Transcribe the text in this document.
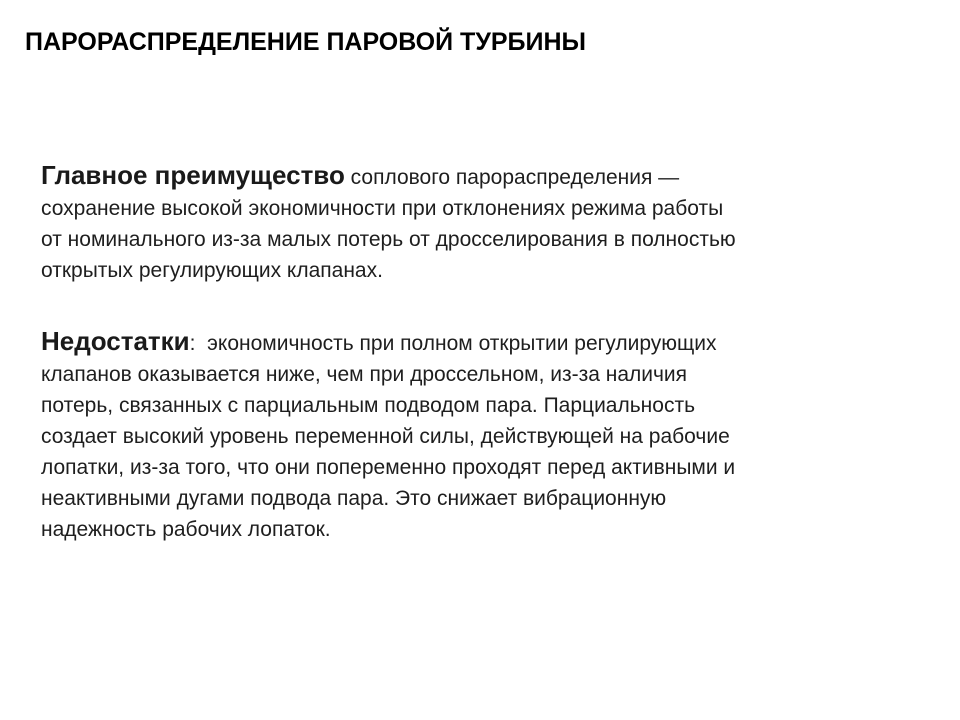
ПАРОРАСПРЕДЕЛЕНИЕ ПАРОВОЙ ТУРБИНЫ

Главное преимущество соплового парораспределения —
сохранение высокой экономичности при отклонениях режима работы
от номинального из-за малых потерь от дросселирования в полностью
открытых регулирующих клапанах.

Недостатки:  экономичность при полном открытии регулирующих
клапанов оказывается ниже, чем при дроссельном, из-за наличия
потерь, связанных с парциальным подводом пара. Парциальность
создает высокий уровень переменной силы, действующей на рабочие
лопатки, из-за того, что они попеременно проходят перед активными и
неактивными дугами подвода пара. Это снижает вибрационную
надежность рабочих лопаток.
